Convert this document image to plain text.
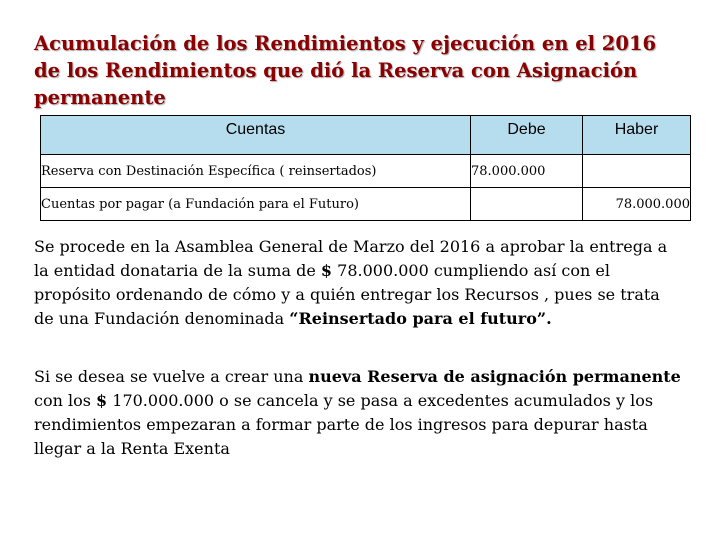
Acumulación de los Rendimientos y ejecución en el 2016
de los Rendimientos que dió la Reserva con Asignación
permanente
Cuentas	Debe	Haber
Reserva con Destinación Específica ( reinsertados)	78.000.000	
Cuentas por pagar (a Fundación para el Futuro)		78.000.000

Se procede en la Asamblea General de Marzo del 2016 a aprobar la entrega a la entidad donataria de la suma de $ 78.000.000 cumpliendo así con el propósito ordenando de cómo y a quién entregar los Recursos , pues se trata de una Fundación denominada “Reinsertado para el futuro”.

Si se desea se vuelve a crear una nueva Reserva de asignación permanente con los $ 170.000.000 o se cancela y se pasa a excedentes acumulados y los rendimientos empezaran a formar parte de los ingresos para depurar hasta llegar a la Renta Exenta
